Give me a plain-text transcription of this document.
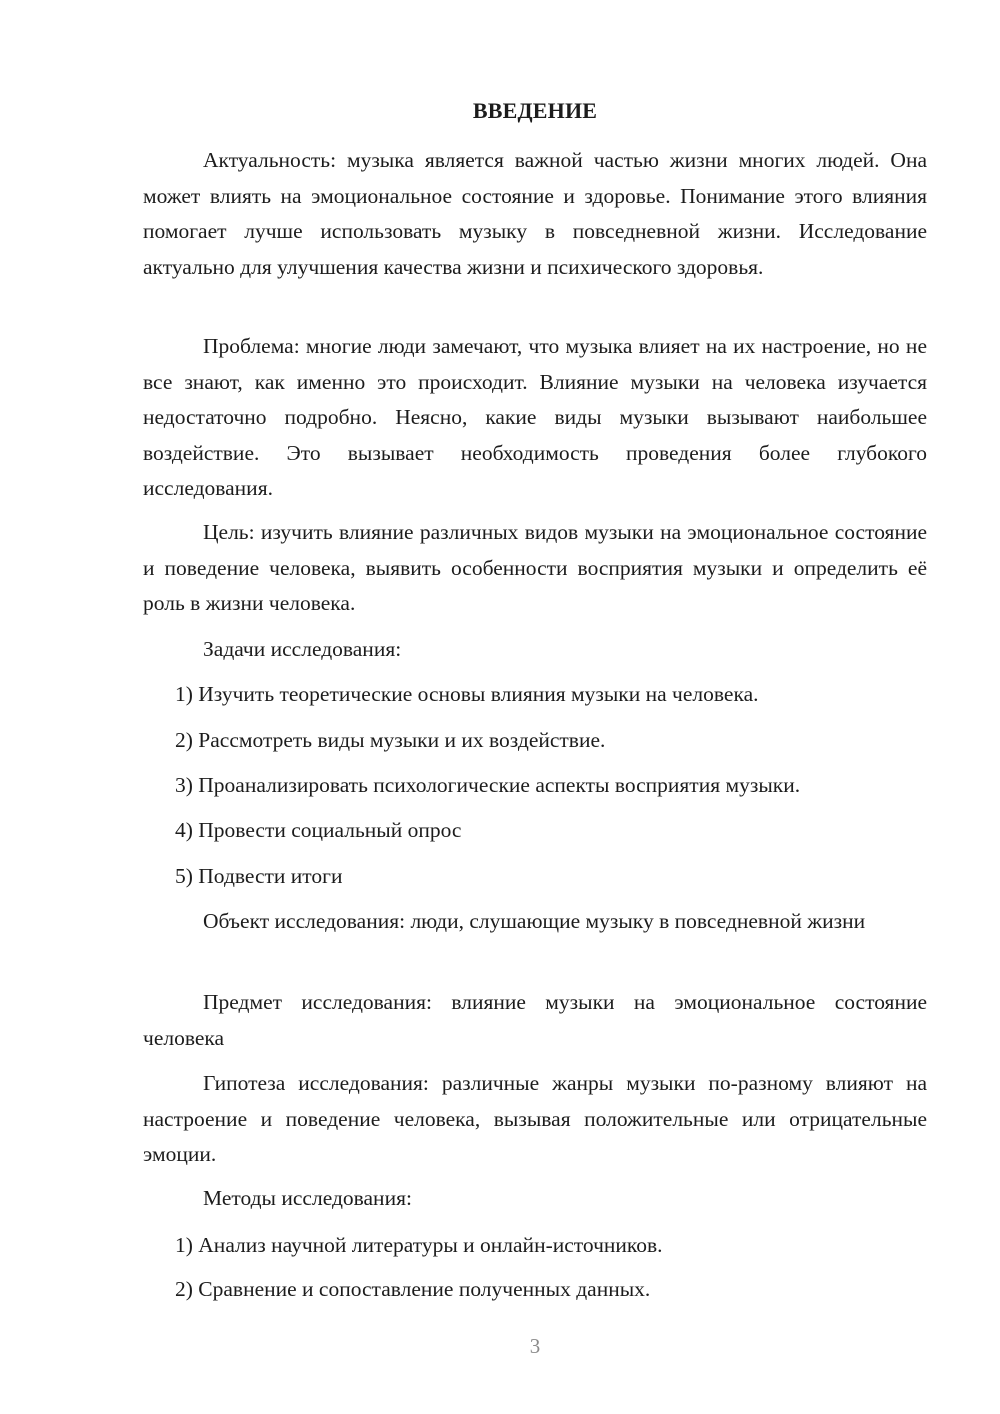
ВВЕДЕНИЕ

Актуальность: музыка является важной частью жизни многих людей. Она может влиять на эмоциональное состояние и здоровье. Понимание этого влияния помогает лучше использовать музыку в повседневной жизни. Исследование актуально для улучшения качества жизни и психического здоровья.

Проблема: многие люди замечают, что музыка влияет на их настроение, но не все знают, как именно это происходит. Влияние музыки на человека изучается недостаточно подробно. Неясно, какие виды музыки вызывают наибольшее воздействие. Это вызывает необходимость проведения более глубокого исследования.

Цель: изучить влияние различных видов музыки на эмоциональное состояние и поведение человека, выявить особенности восприятия музыки и определить её роль в жизни человека.

Задачи исследования:

1) Изучить теоретические основы влияния музыки на человека.

2) Рассмотреть виды музыки и их воздействие.

3) Проанализировать психологические аспекты восприятия музыки.

4) Провести социальный опрос

5) Подвести итоги

Объект исследования: люди, слушающие музыку в повседневной жизни

Предмет исследования: влияние музыки на эмоциональное состояние человека

Гипотеза исследования: различные жанры музыки по-разному влияют на настроение и поведение человека, вызывая положительные или отрицательные эмоции.

Методы исследования:

1) Анализ научной литературы и онлайн-источников.

2) Сравнение и сопоставление полученных данных.

3
